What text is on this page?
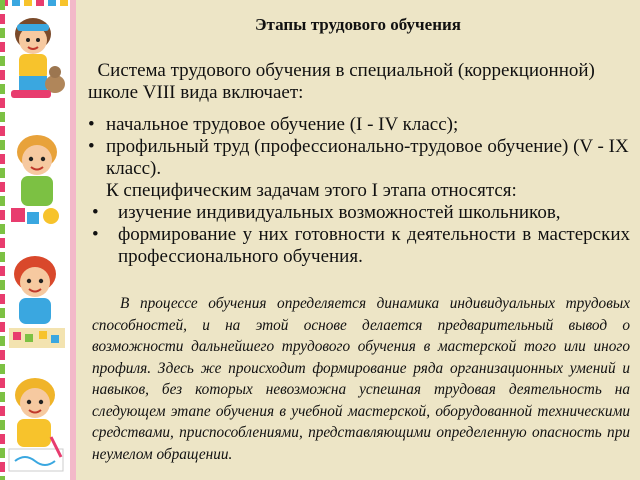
Этапы трудового обучения
Система трудового обучения в специальной (коррекционной) школе VIII вида включает:
• начальное трудовое обучение (I - IV класс);
• профильный труд (профессионально-трудовое обучение) (V - IX класс).
К специфическим задачам этого I этапа относятся:
• изучение индивидуальных возможностей школьников,
• формирование у них готовности к деятельности в мастерских профессионального обучения.
В процессе обучения определяется динамика индивидуальных трудовых способностей, и на этой основе делается предварительный вывод о возможности дальнейшего трудового обучения в мастерской того или иного профиля. Здесь же происходит формирование ряда организационных умений и навыков, без которых невозможна успешная трудовая деятельность на следующем этапе обучения в учебной мастерской, оборудованной техническими средствами, приспособлениями, представляющими определенную опасность при неумелом обращении.
